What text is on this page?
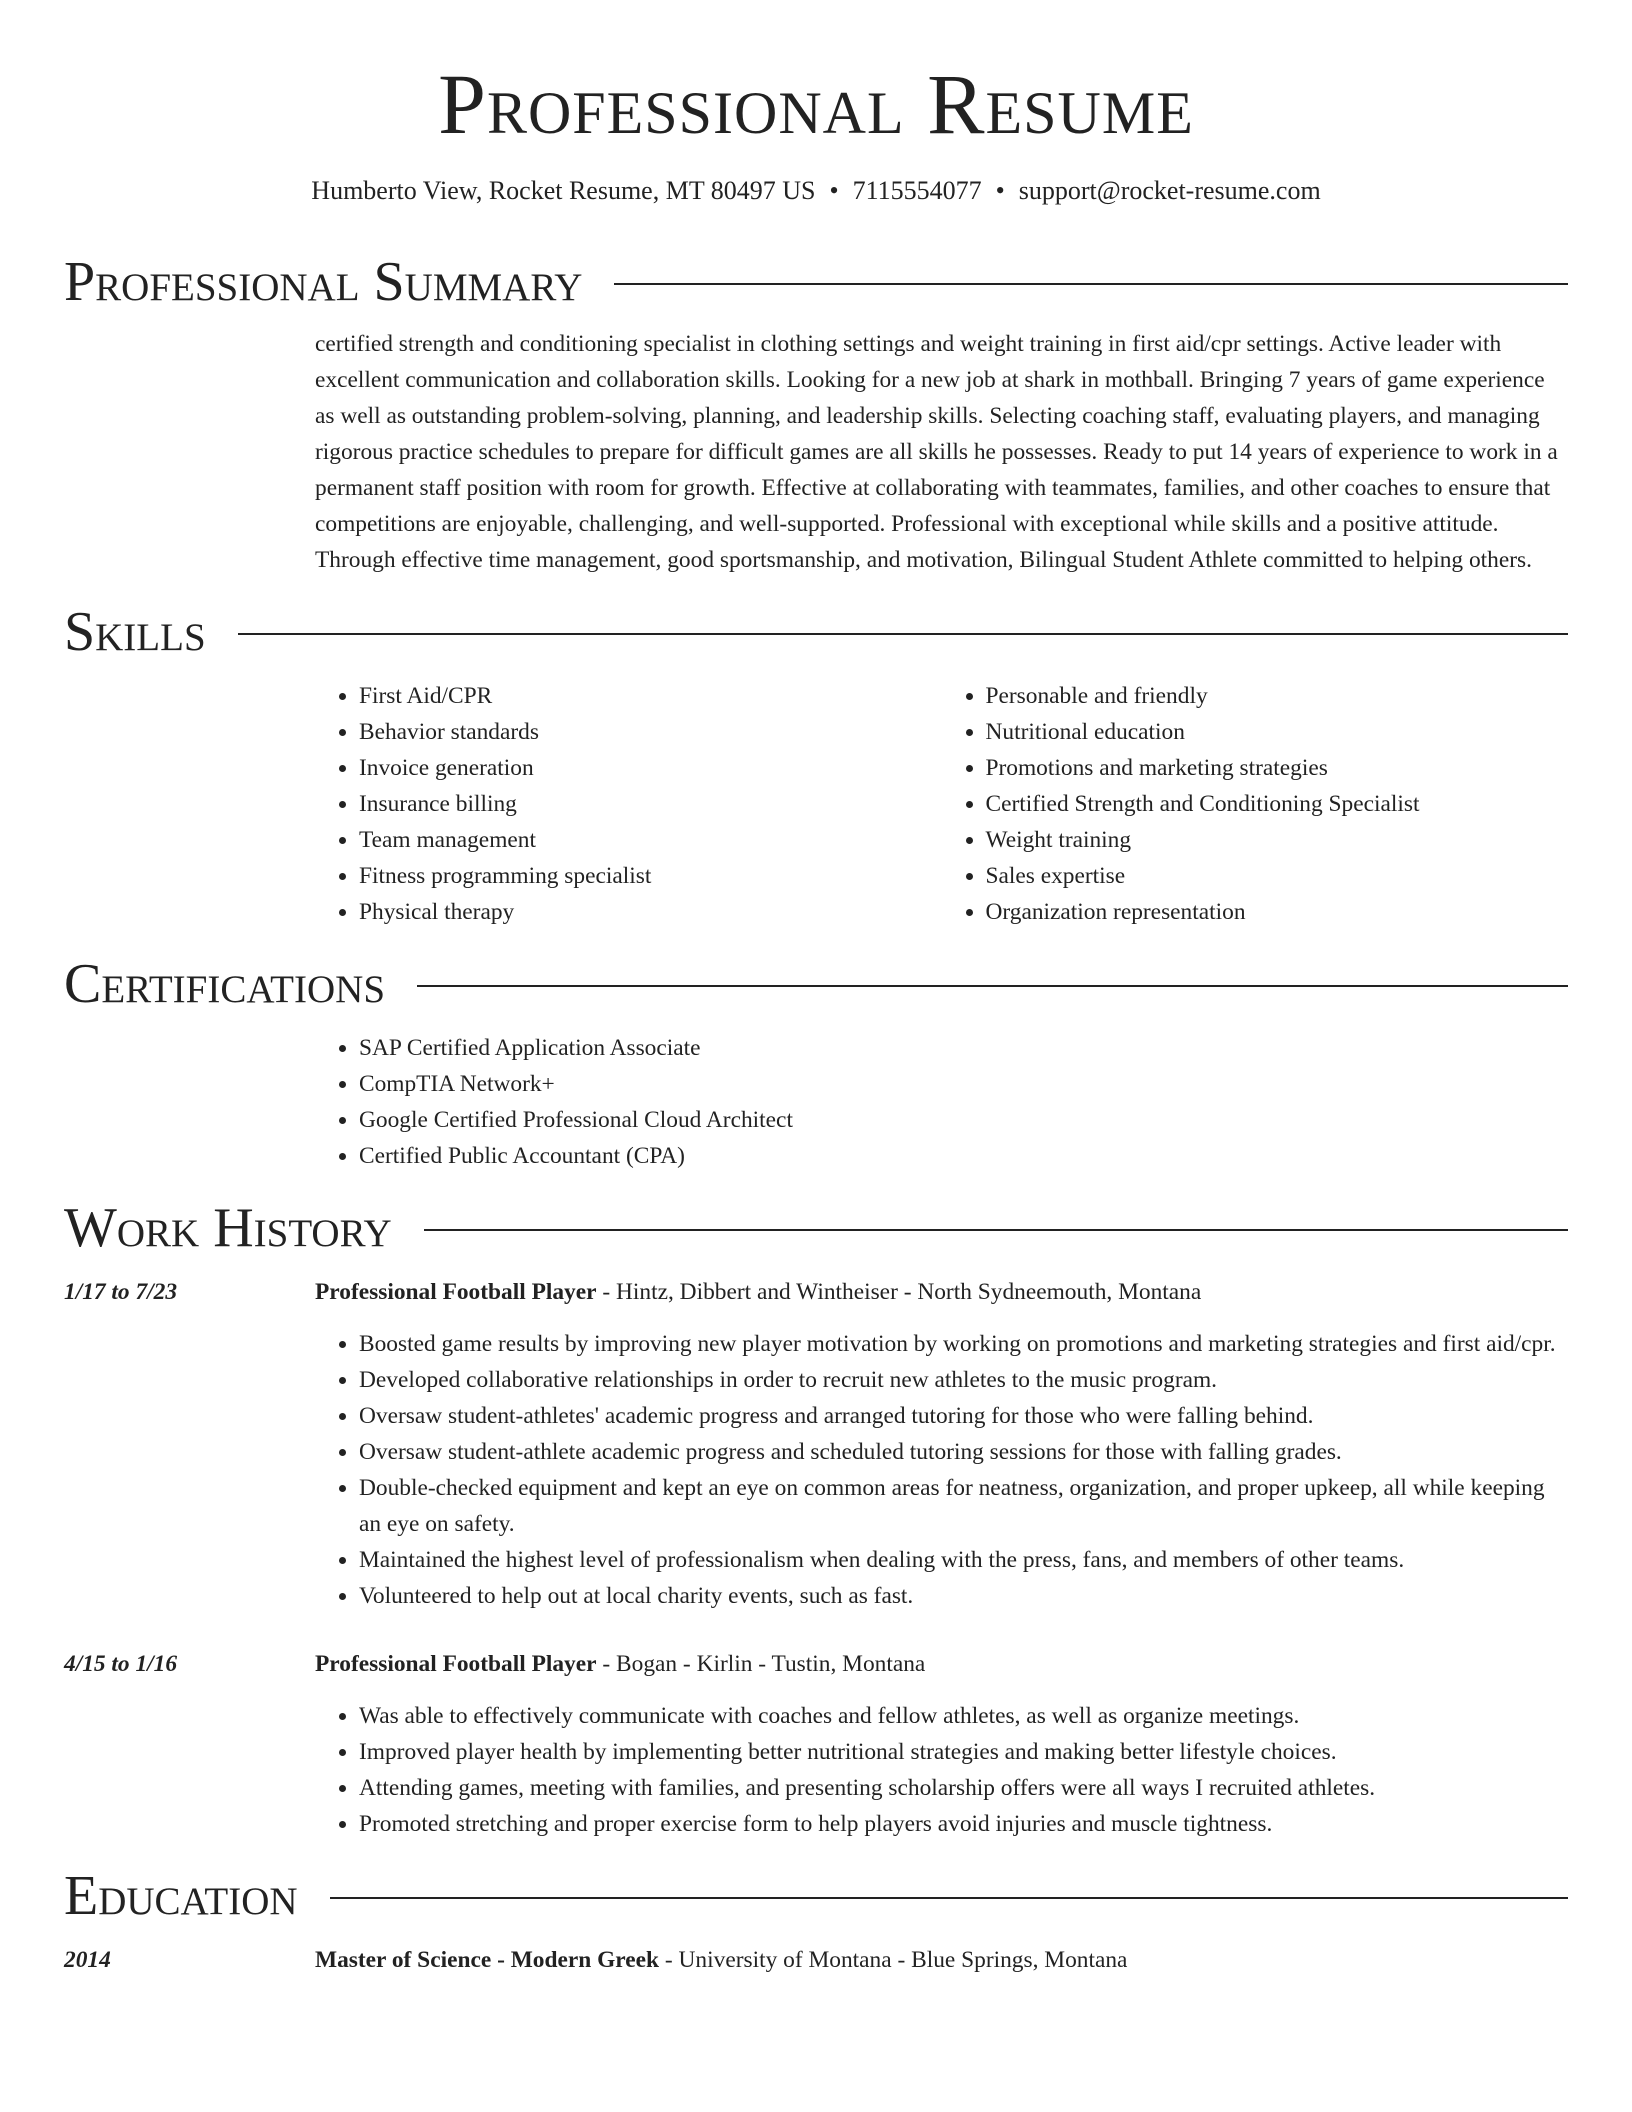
Professional Resume
Humberto View, Rocket Resume, MT 80497 US • 7115554077 • support@rocket-resume.com
Professional Summary

certified strength and conditioning specialist in clothing settings and weight training in first aid/cpr settings. Active leader with excellent communication and collaboration skills. Looking for a new job at shark in mothball. Bringing 7 years of game experience as well as outstanding problem-solving, planning, and leadership skills. Selecting coaching staff, evaluating players, and managing rigorous practice schedules to prepare for difficult games are all skills he possesses. Ready to put 14 years of experience to work in a permanent staff position with room for growth. Effective at collaborating with teammates, families, and other coaches to ensure that competitions are enjoyable, challenging, and well-supported. Professional with exceptional while skills and a positive attitude. Through effective time management, good sportsmanship, and motivation, Bilingual Student Athlete committed to helping others.

Skills
• First Aid/CPR
• Behavior standards
• Invoice generation
• Insurance billing
• Team management
• Fitness programming specialist
• Physical therapy
• Personable and friendly
• Nutritional education
• Promotions and marketing strategies
• Certified Strength and Conditioning Specialist
• Weight training
• Sales expertise
• Organization representation
Certifications
• SAP Certified Application Associate
• CompTIA Network+
• Google Certified Professional Cloud Architect
• Certified Public Accountant (CPA)
Work History
1/17 to 7/23	Professional Football Player - Hintz, Dibbert and Wintheiser - North Sydneemouth, Montana
• Boosted game results by improving new player motivation by working on promotions and marketing strategies and first aid/cpr.
• Developed collaborative relationships in order to recruit new athletes to the music program.
• Oversaw student-athletes' academic progress and arranged tutoring for those who were falling behind.
• Oversaw student-athlete academic progress and scheduled tutoring sessions for those with falling grades.
• Double-checked equipment and kept an eye on common areas for neatness, organization, and proper upkeep, all while keeping an eye on safety.
• Maintained the highest level of professionalism when dealing with the press, fans, and members of other teams.
• Volunteered to help out at local charity events, such as fast.
4/15 to 1/16	Professional Football Player - Bogan - Kirlin - Tustin, Montana
• Was able to effectively communicate with coaches and fellow athletes, as well as organize meetings.
• Improved player health by implementing better nutritional strategies and making better lifestyle choices.
• Attending games, meeting with families, and presenting scholarship offers were all ways I recruited athletes.
• Promoted stretching and proper exercise form to help players avoid injuries and muscle tightness.
Education
2014	Master of Science - Modern Greek - University of Montana - Blue Springs, Montana
